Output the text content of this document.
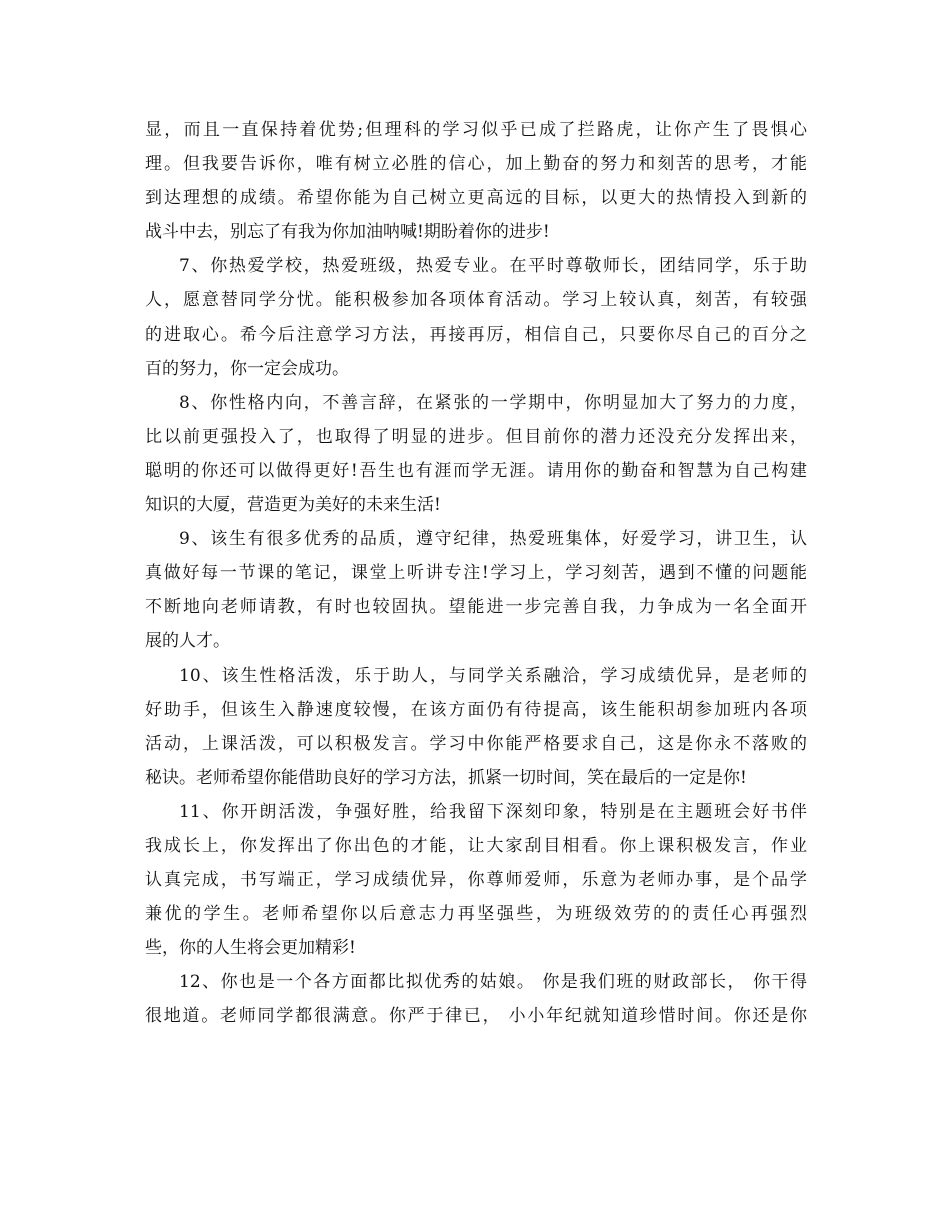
显，而且一直保持着优势;但理科的学习似乎已成了拦路虎，让你产生了畏惧心
理。但我要告诉你，唯有树立必胜的信心，加上勤奋的努力和刻苦的思考，才能
到达理想的成绩。希望你能为自己树立更高远的目标，以更大的热情投入到新的
战斗中去，别忘了有我为你加油呐喊!期盼着你的进步!
7、你热爱学校，热爱班级，热爱专业。在平时尊敬师长，团结同学，乐于助
人，愿意替同学分忧。能积极参加各项体育活动。学习上较认真，刻苦，有较强
的进取心。希今后注意学习方法，再接再厉，相信自己，只要你尽自己的百分之
百的努力，你一定会成功。
8、你性格内向，不善言辞，在紧张的一学期中，你明显加大了努力的力度，
比以前更强投入了，也取得了明显的进步。但目前你的潜力还没充分发挥出来，
聪明的你还可以做得更好!吾生也有涯而学无涯。请用你的勤奋和智慧为自己构建
知识的大厦，营造更为美好的未来生活!
9、该生有很多优秀的品质，遵守纪律，热爱班集体，好爱学习，讲卫生，认
真做好每一节课的笔记，课堂上听讲专注!学习上，学习刻苦，遇到不懂的问题能
不断地向老师请教，有时也较固执。望能进一步完善自我，力争成为一名全面开
展的人才。
10、该生性格活泼，乐于助人，与同学关系融洽，学习成绩优异，是老师的
好助手，但该生入静速度较慢，在该方面仍有待提高，该生能积胡参加班内各项
活动，上课活泼，可以积极发言。学习中你能严格要求自己，这是你永不落败的
秘诀。老师希望你能借助良好的学习方法，抓紧一切时间，笑在最后的一定是你!
11、你开朗活泼，争强好胜，给我留下深刻印象，特别是在主题班会好书伴
我成长上，你发挥出了你出色的才能，让大家刮目相看。你上课积极发言，作业
认真完成，书写端正，学习成绩优异，你尊师爱师，乐意为老师办事，是个品学
兼优的学生。老师希望你以后意志力再坚强些，为班级效劳的的责任心再强烈
些，你的人生将会更加精彩!
12、你也是一个各方面都比拟优秀的姑娘。 你是我们班的财政部长， 你干得
很地道。老师同学都很满意。你严于律已， 小小年纪就知道珍惜时间。你还是你
